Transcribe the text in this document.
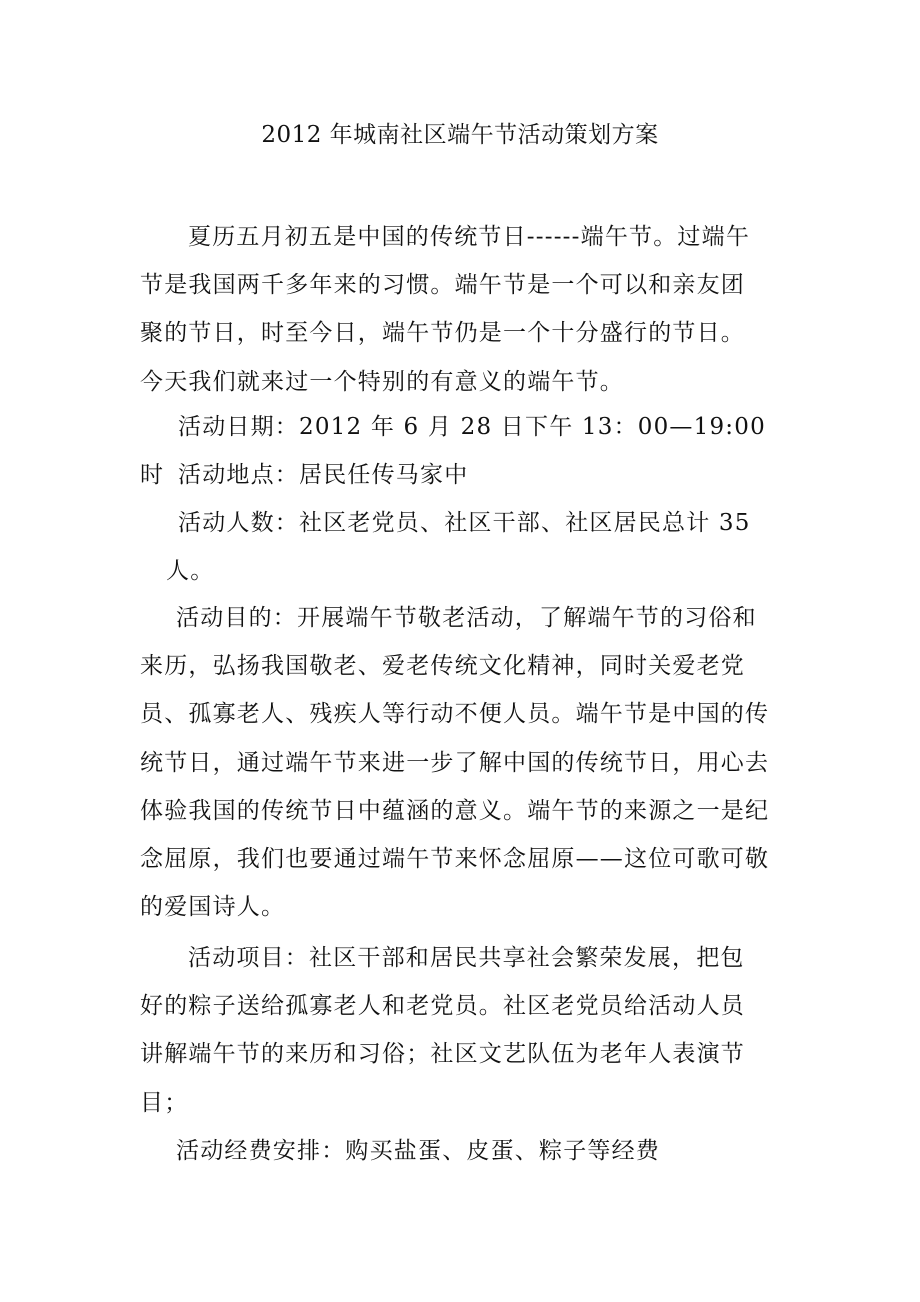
2012 年城南社区端午节活动策划方案

夏历五月初五是中国的传统节日------端午节。过端午节是我国两千多年来的习惯。端午节是一个可以和亲友团聚的节日，时至今日，端午节仍是一个十分盛行的节日。今天我们就来过一个特别的有意义的端午节。

活动日期：2012 年 6 月 28 日下午 13：00—19:00 时 活动地点：居民任传马家中

活动人数：社区老党员、社区干部、社区居民总计 35

人。

活动目的：开展端午节敬老活动，了解端午节的习俗和来历，弘扬我国敬老、爱老传统文化精神，同时关爱老党员、孤寡老人、残疾人等行动不便人员。端午节是中国的传统节日，通过端午节来进一步了解中国的传统节日，用心去体验我国的传统节日中蕴涵的意义。端午节的来源之一是纪念屈原，我们也要通过端午节来怀念屈原——这位可歌可敬的爱国诗人。

活动项目：社区干部和居民共享社会繁荣发展，把包好的粽子送给孤寡老人和老党员。社区老党员给活动人员讲解端午节的来历和习俗；社区文艺队伍为老年人表演节目；

活动经费安排：购买盐蛋、皮蛋、粽子等经费
